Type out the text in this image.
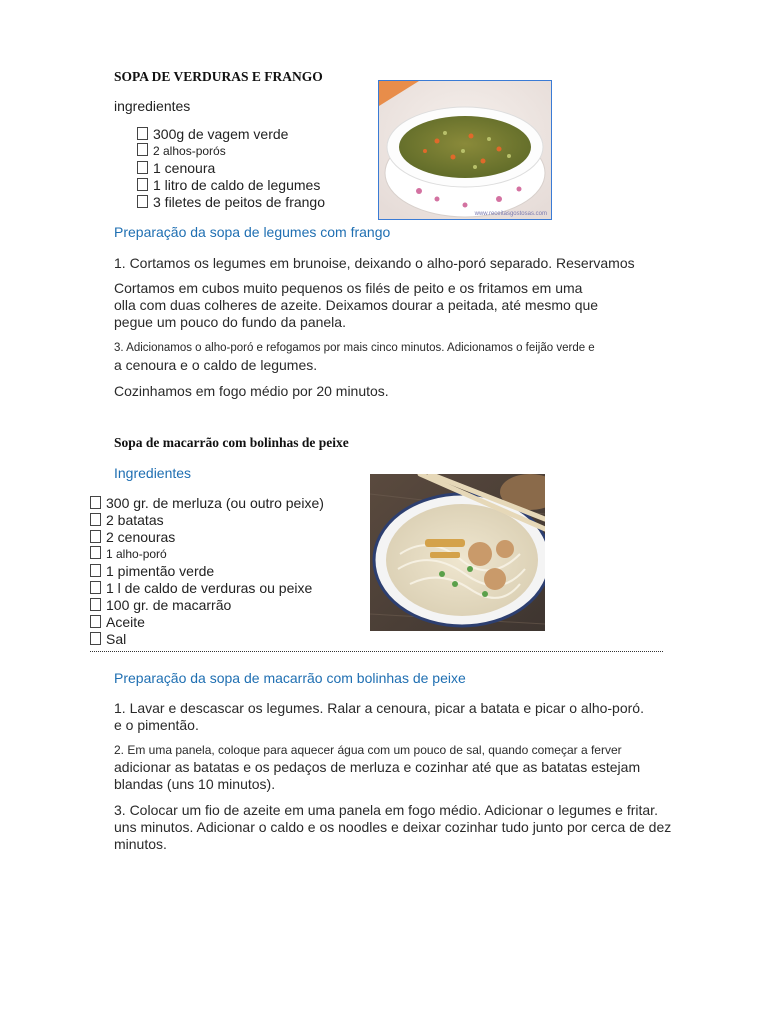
SOPA DE VERDURAS E FRANGO
ingredientes
300g de vagem verde
2 alhos-porós
1 cenoura
1 litro de caldo de legumes
3 filetes de peitos de frango
www.receitasgostosas.com
Preparação da sopa de legumes com frango
1. Cortamos os legumes em brunoise, deixando o alho-poró separado. Reservamos
Cortamos em cubos muito pequenos os filés de peito e os fritamos em uma
olla com duas colheres de azeite. Deixamos dourar a peitada, até mesmo que
pegue um pouco do fundo da panela.
3. Adicionamos o alho-poró e refogamos por mais cinco minutos. Adicionamos o feijão verde e
a cenoura e o caldo de legumes.
Cozinhamos em fogo médio por 20 minutos.
Sopa de macarrão com bolinhas de peixe
Ingredientes
300 gr. de merluza (ou outro peixe)
2 batatas
2 cenouras
1 alho-poró
1 pimentão verde
1 l de caldo de verduras ou peixe
100 gr. de macarrão
Aceite
Sal
Preparação da sopa de macarrão com bolinhas de peixe
1. Lavar e descascar os legumes. Ralar a cenoura, picar a batata e picar o alho-poró.
e o pimentão.
2. Em uma panela, coloque para aquecer água com um pouco de sal, quando começar a ferver
adicionar as batatas e os pedaços de merluza e cozinhar até que as batatas estejam
blandas (uns 10 minutos).
3. Colocar um fio de azeite em uma panela em fogo médio. Adicionar o legumes e fritar.
uns minutos. Adicionar o caldo e os noodles e deixar cozinhar tudo junto por cerca de dez
minutos.
